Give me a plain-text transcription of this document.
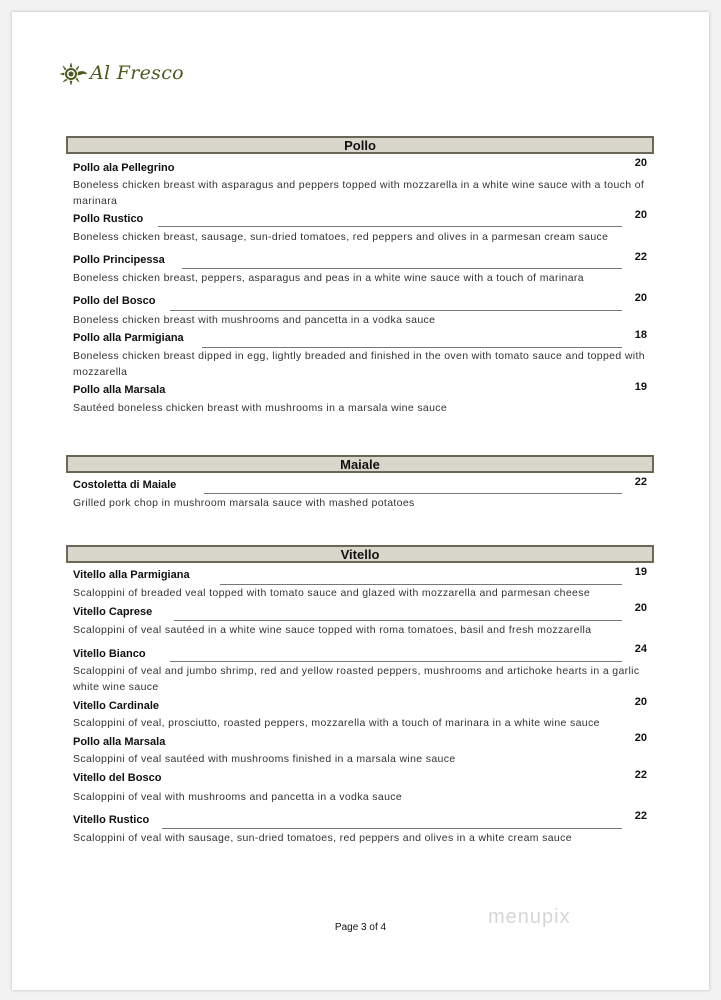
Al Fresco
Pollo
Pollo ala Pellegrino	20
Boneless chicken breast with asparagus and peppers topped with mozzarella in a white wine sauce with a touch of marinara
Pollo Rustico	20
Boneless chicken breast, sausage, sun-dried tomatoes, red peppers and olives in a parmesan cream sauce
Pollo Principessa	22
Boneless chicken breast, peppers, asparagus and peas in a white wine sauce with a touch of marinara
Pollo del Bosco	20
Boneless chicken breast with mushrooms and pancetta in a vodka sauce
Pollo alla Parmigiana	18
Boneless chicken breast dipped in egg, lightly breaded and finished in the oven with tomato sauce and topped with mozzarella
Pollo alla Marsala	19
Sautéed boneless chicken breast with mushrooms in a marsala wine sauce
Maiale
Costoletta di Maiale	22
Grilled pork chop in mushroom marsala sauce with mashed potatoes
Vitello
Vitello alla Parmigiana	19
Scaloppini of breaded veal topped with tomato sauce and glazed with mozzarella and parmesan cheese
Vitello Caprese	20
Scaloppini of veal sautéed in a white wine sauce topped with roma tomatoes, basil and fresh mozzarella
Vitello Bianco	24
Scaloppini of veal and jumbo shrimp, red and yellow roasted peppers, mushrooms and artichoke hearts in a garlic white wine sauce
Vitello Cardinale	20
Scaloppini of veal, prosciutto, roasted peppers, mozzarella with a touch of marinara in a white wine sauce
Pollo alla Marsala	20
Scaloppini of veal sautéed with mushrooms finished in a marsala wine sauce
Vitello del Bosco	22
Scaloppini of veal with mushrooms and pancetta in a vodka sauce
Vitello Rustico	22
Scaloppini of veal with sausage, sun-dried tomatoes, red peppers and olives in a white cream sauce
Page 3 of 4	menupix
